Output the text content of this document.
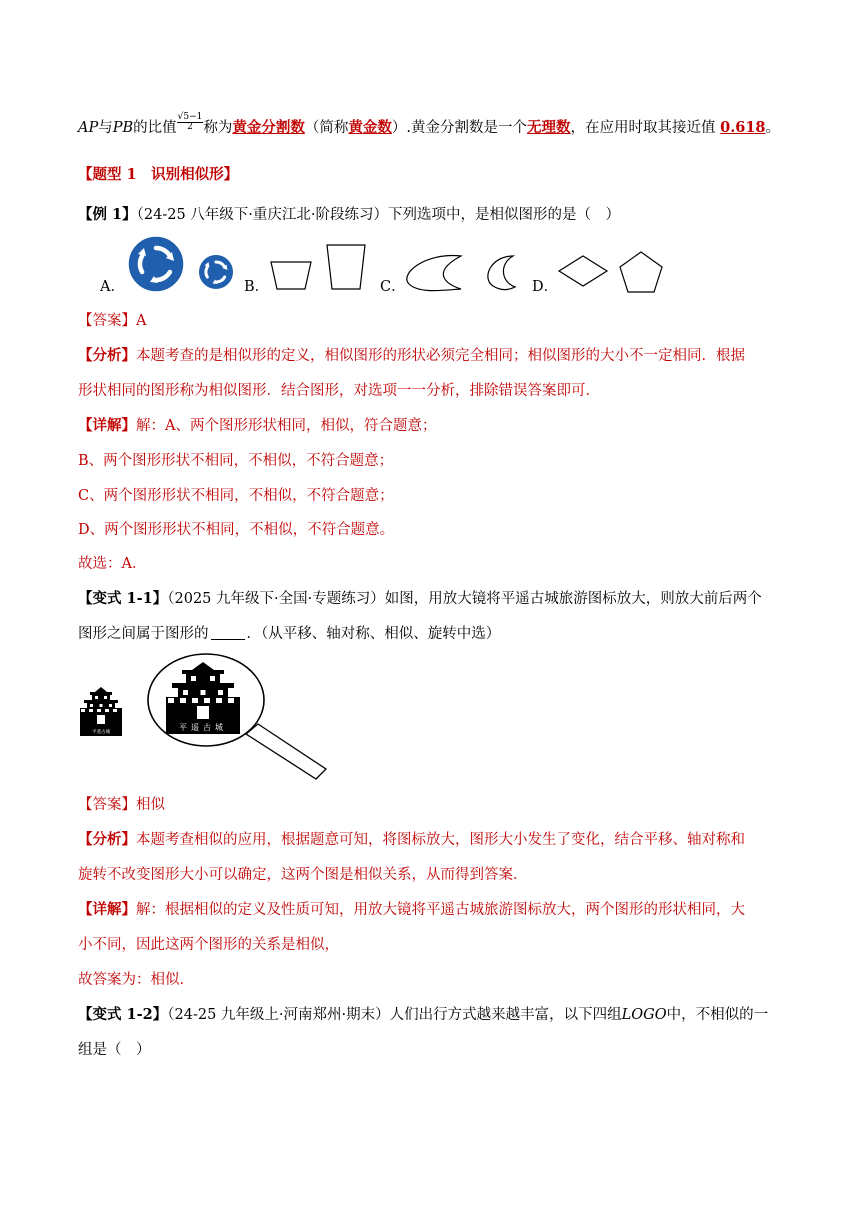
AP与PB的比值 $\frac{√5-1}{2}$ 称为黄金分割数（简称黄金数）.黄金分割数是一个无理数，在应用时取其接近值 0.618。
【题型 1　识别相似形】
【例 1】（24-25 八年级下·重庆江北·阶段练习）下列选项中，是相似图形的是（　）
A．	B．	C．	D．
【答案】A
【分析】本题考查的是相似形的定义，相似图形的形状必须完全相同；相似图形的大小不一定相同．根据
形状相同的图形称为相似图形．结合图形，对选项一一分析，排除错误答案即可．
【详解】解：A、两个图形形状相同，相似，符合题意；
B、两个图形形状不相同，不相似，不符合题意；
C、两个图形形状不相同，不相似，不符合题意；
D、两个图形形状不相同，不相似，不符合题意。
故选：A．
【变式 1-1】（2025 九年级下·全国·专题练习）如图，用放大镜将平遥古城旅游图标放大，则放大前后两个
图形之间属于图形的	．（从平移、轴对称、相似、旋转中选）
平遥古城
平遥古城
【答案】相似
【分析】本题考查相似的应用，根据题意可知，将图标放大，图形大小发生了变化，结合平移、轴对称和
旋转不改变图形大小可以确定，这两个图是相似关系，从而得到答案．
【详解】解：根据相似的定义及性质可知，用放大镜将平遥古城旅游图标放大，两个图形的形状相同，大
小不同，因此这两个图形的关系是相似，
故答案为：相似．
【变式 1-2】（24-25 九年级上·河南郑州·期末）人们出行方式越来越丰富，以下四组LOGO中，不相似的一
组是（　）
